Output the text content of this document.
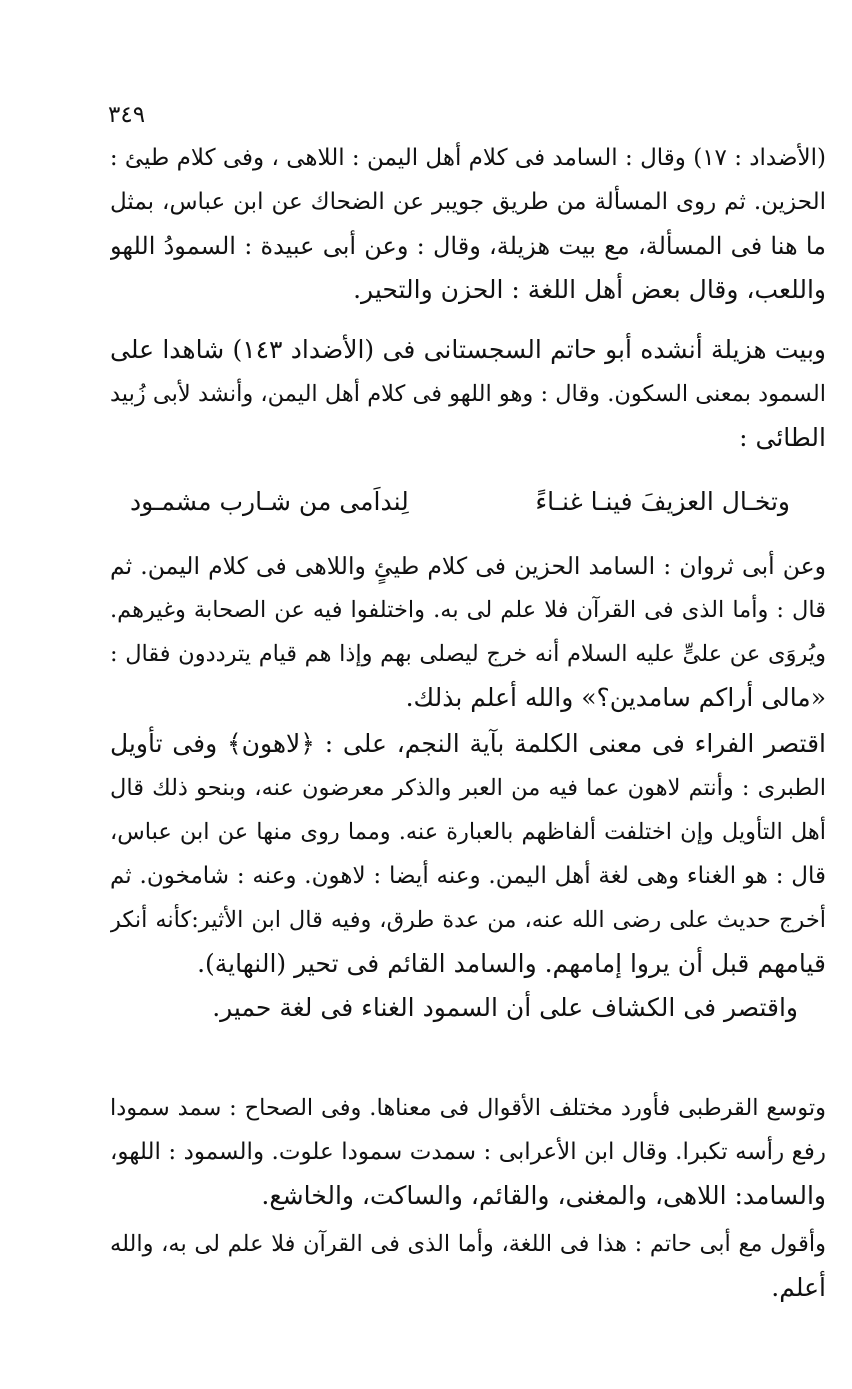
٣٤٩
(الأضداد : ١٧) وقال : السامد فى كلام أهل اليمن : اللاهى ، وفى كلام طيئ :
الحزين. ثم روى المسألة من طريق جويبر عن الضحاك عن ابن عباس، بمثل
ما هنا فى المسألة، مع بيت هزيلة، وقال : وعن أبى عبيدة : السمودُ اللهو
واللعب، وقال بعض أهل اللغة : الحزن والتحير.
وبيت هزيلة أنشده أبو حاتم السجستانى فى (الأضداد ١٤٣) شاهدا على
السمود بمعنى السكون. وقال : وهو اللهو فى كلام أهل اليمن، وأنشد لأبى زُبيد
الطائى :
وتخـال العزيفَ فينـا غنـاءً
لِنداَمى من شـارب مشمـود
وعن أبى ثروان : السامد الحزين فى كلام طيئٍ واللاهى فى كلام اليمن. ثم
قال : وأما الذى فى القرآن فلا علم لى به. واختلفوا فيه عن الصحابة وغيرهم.
ويُروَى عن علىٍّ عليه السلام أنه خرج ليصلى بهم وإذا هم قيام يترددون فقال :
«مالى أراكم سامدين؟» والله أعلم بذلك.
اقتصر الفراء فى معنى الكلمة بآية النجم، على : ﴿لاهون﴾ وفى تأويل
الطبرى : وأنتم لاهون عما فيه من العبر والذكر معرضون عنه، وبنحو ذلك قال
أهل التأويل وإن اختلفت ألفاظهم بالعبارة عنه. ومما روى منها عن ابن عباس،
قال : هو الغناء وهى لغة أهل اليمن. وعنه أيضا : لاهون. وعنه : شامخون. ثم
أخرج حديث على رضى الله عنه، من عدة طرق، وفيه قال ابن الأثير:كأنه أنكر
قيامهم قبل أن يروا إمامهم. والسامد القائم فى تحير (النهاية).
واقتصر فى الكشاف على أن السمود الغناء فى لغة حمير.
وتوسع القرطبى فأورد مختلف الأقوال فى معناها. وفى الصحاح : سمد سمودا
رفع رأسه تكبرا. وقال ابن الأعرابى : سمدت سمودا علوت. والسمود : اللهو،
والسامد: اللاهى، والمغنى، والقائم، والساكت، والخاشع.
وأقول مع أبى حاتم : هذا فى اللغة، وأما الذى فى القرآن فلا علم لى به، والله
أعلم.
